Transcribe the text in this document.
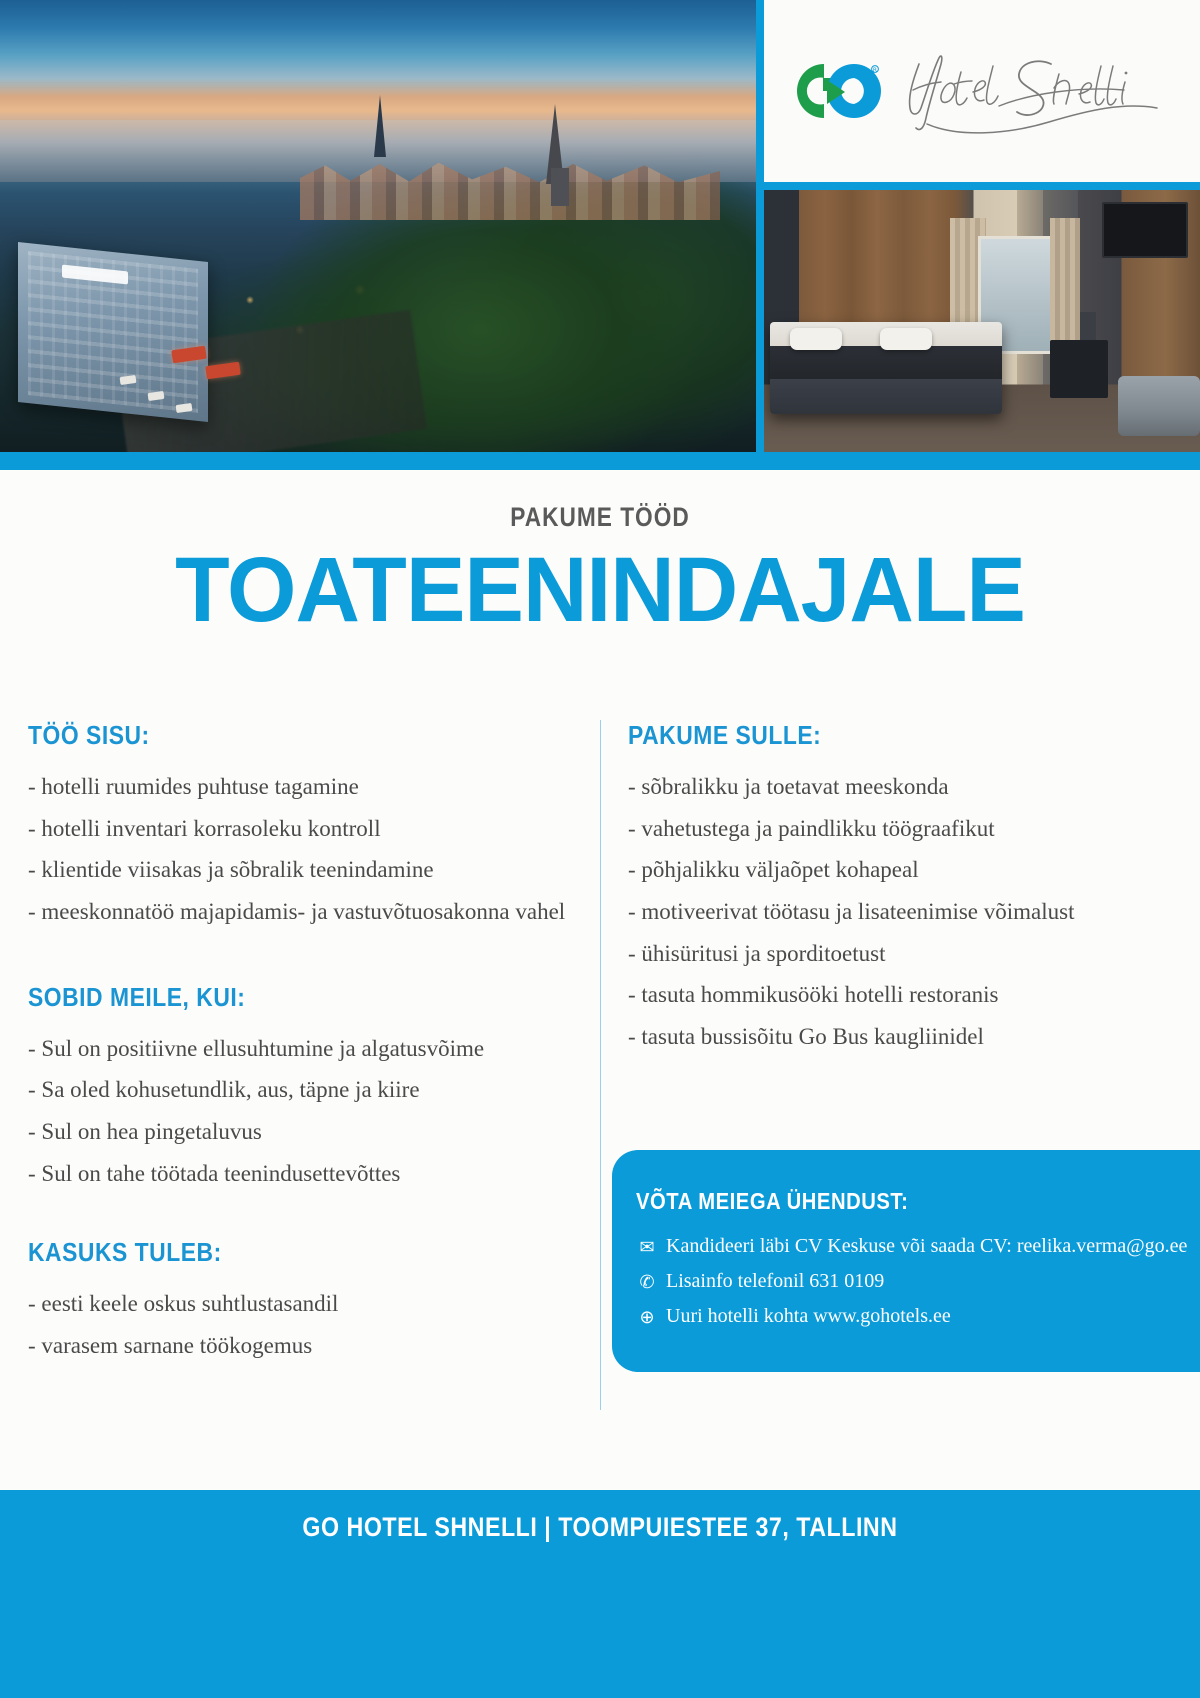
R
PAKUME TÖÖD
TOATEENINDAJALE
TÖÖ SISU:
- hotelli ruumides puhtuse tagamine
- hotelli inventari korrasoleku kontroll
- klientide viisakas ja sõbralik teenindamine
- meeskonnatöö majapidamis- ja vastuvõtuosakonna vahel
SOBID MEILE, KUI:
- Sul on positiivne ellusuhtumine ja algatusvõime
- Sa oled kohusetundlik, aus, täpne ja kiire
- Sul on hea pingetaluvus
- Sul on tahe töötada teenindusettevõttes
KASUKS TULEB:
- eesti keele oskus suhtlustasandil
- varasem sarnane töökogemus
PAKUME SULLE:
- sõbralikku ja toetavat meeskonda
- vahetustega ja paindlikku töögraafikut
- põhjalikku väljaõpet kohapeal
- motiveerivat töötasu ja lisateenimise võimalust
- ühisüritusi ja sporditoetust
- tasuta hommikusööki hotelli restoranis
- tasuta bussisõitu Go Bus kaugliinidel
VÕTA MEIEGA ÜHENDUST:
✉ Kandideeri läbi CV Keskuse või saada CV: reelika.verma@go.ee
✆ Lisainfo telefonil 631 0109
⊕ Uuri hotelli kohta www.gohotels.ee
GO HOTEL SHNELLI | TOOMPUIESTEE 37, TALLINN
